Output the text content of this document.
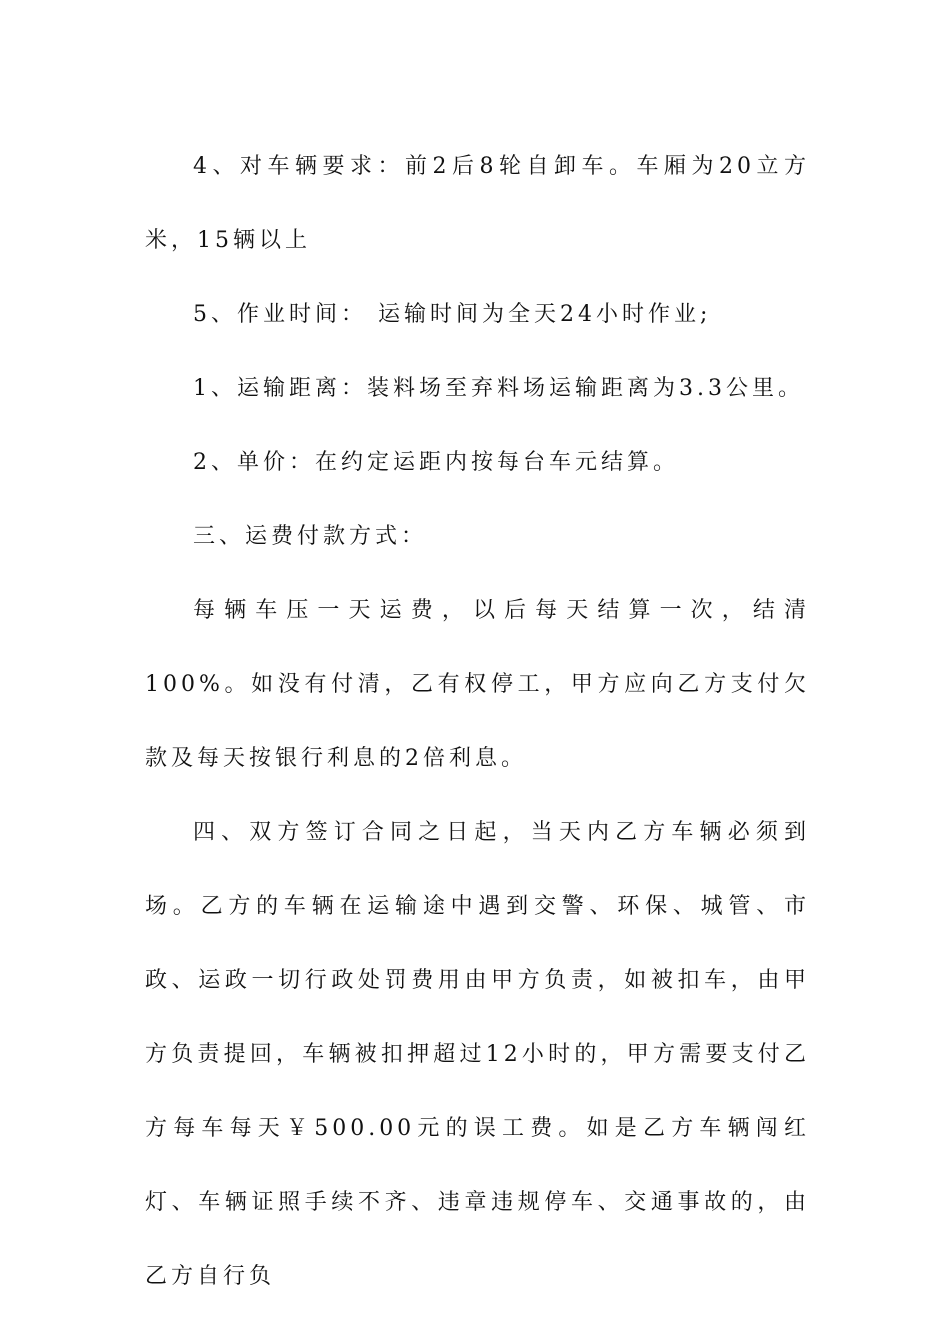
4、对车辆要求：前2后8轮自卸车。车厢为20立方米，15辆以上

5、作业时间： 运输时间为全天24小时作业;

1、运输距离：装料场至弃料场运输距离为3.3公里。

2、单价：在约定运距内按每台车元结算。

三、运费付款方式：

每辆车压一天运费，以后每天结算一次，结清100%。如没有付清，乙有权停工，甲方应向乙方支付欠款及每天按银行利息的2倍利息。

四、双方签订合同之日起，当天内乙方车辆必须到场。乙方的车辆在运输途中遇到交警、环保、城管、市政、运政一切行政处罚费用由甲方负责，如被扣车，由甲方负责提回，车辆被扣押超过12小时的，甲方需要支付乙方每车每天￥500.00元的误工费。如是乙方车辆闯红灯、车辆证照手续不齐、违章违规停车、交通事故的，由乙方自行负
